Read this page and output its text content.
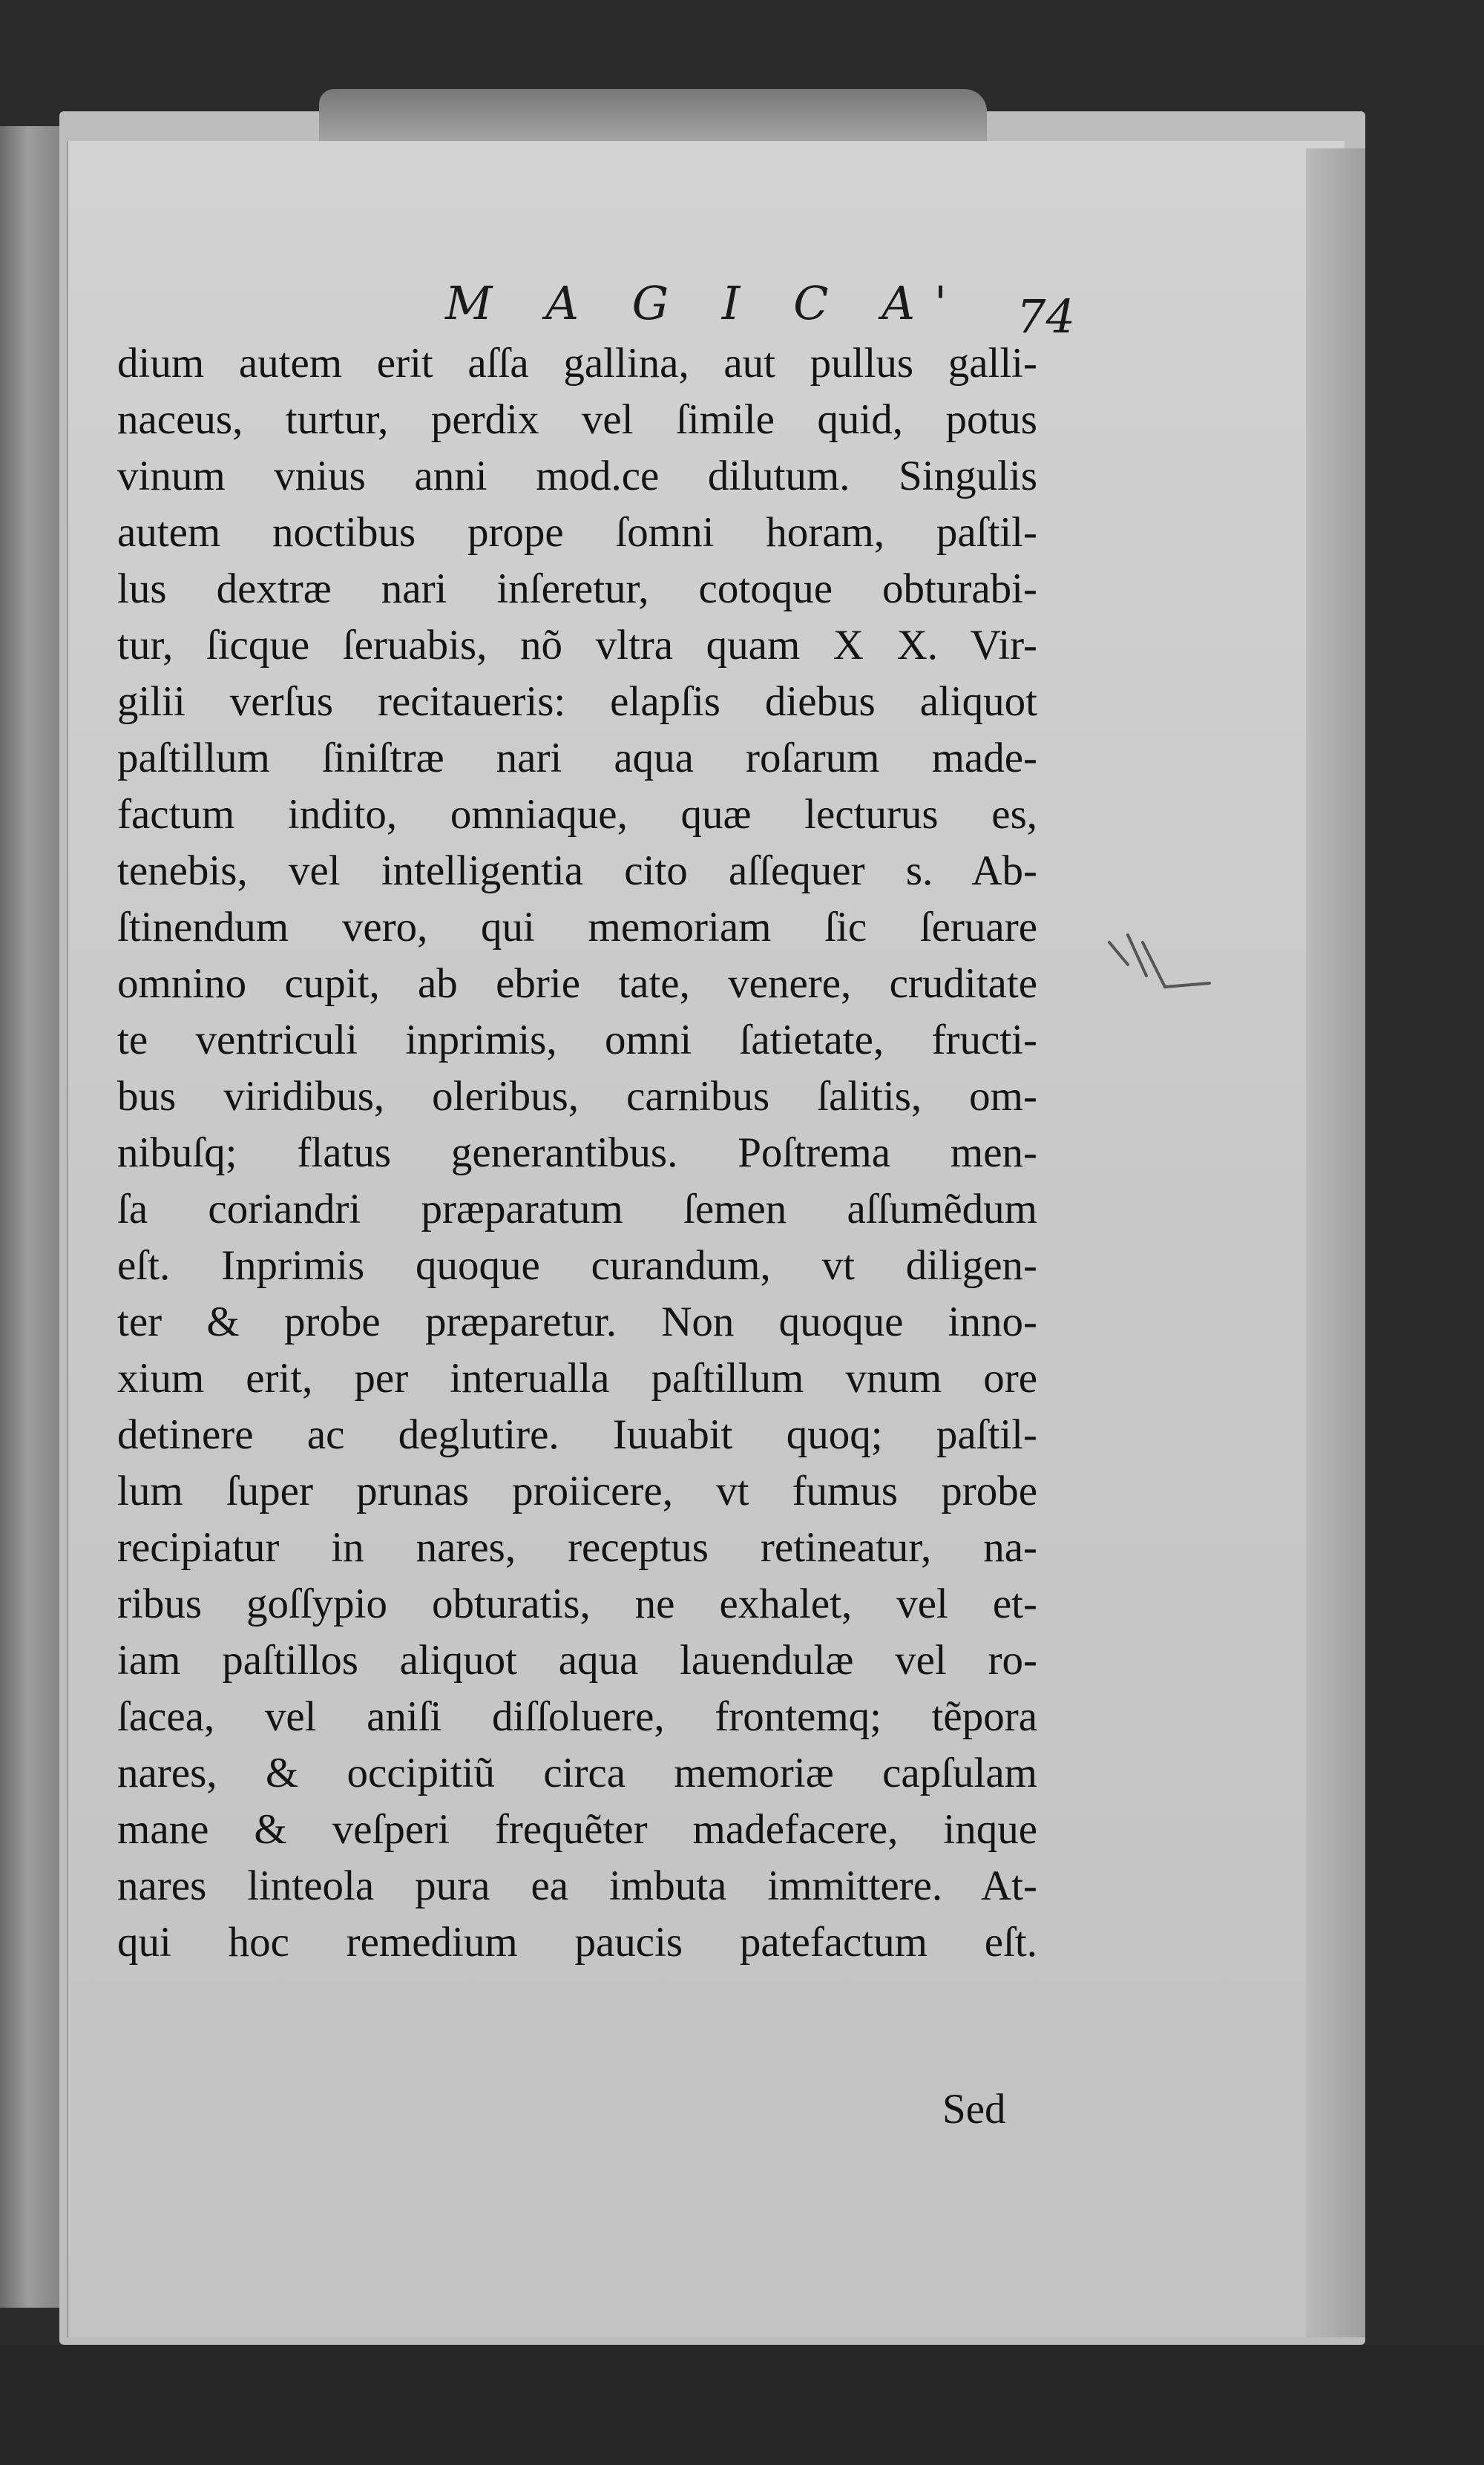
M A G I C A' 74
dium autem erit aſſa gallina, aut pullus galli-
naceus, turtur, perdix vel ſimile quid, potus
vinum vnius anni mod.ce dilutum. Singulis
autem noctibus prope ſomni horam, paſtil-
lus dextræ nari inſeretur, cotoque obturabi-
tur, ſicque ſeruabis, nõ vltra quam X X. Vir-
gilii verſus recitaueris: elapſis diebus aliquot
paſtillum ſiniſtræ nari aqua roſarum made-
factum indito, omniaque, quæ lecturus es,
tenebis, vel intelligentia cito aſſequer s. Ab-
ſtinendum vero, qui memoriam ſic ſeruare
omnino cupit, ab ebrie tate, venere, cruditate
te ventriculi inprimis, omni ſatietate, fructi-
bus viridibus, oleribus, carnibus ſalitis, om-
nibuſq; flatus generantibus. Poſtrema men-
ſa coriandri præparatum ſemen aſſumẽdum
eſt. Inprimis quoque curandum, vt diligen-
ter & probe præparetur. Non quoque inno-
xium erit, per interualla paſtillum vnum ore
detinere ac deglutire. Iuuabit quoq; paſtil-
lum ſuper prunas proiicere, vt fumus probe
recipiatur in nares, receptus retineatur, na-
ribus goſſypio obturatis, ne exhalet, vel et-
iam paſtillos aliquot aqua lauendulæ vel ro-
ſacea, vel aniſi diſſoluere, frontemq; tẽpora
nares, & occipitiũ circa memoriæ capſulam
mane & veſperi frequẽter madefacere, inque
nares linteola pura ea imbuta immittere. At-
qui hoc remedium paucis patefactum eſt.
Sed
